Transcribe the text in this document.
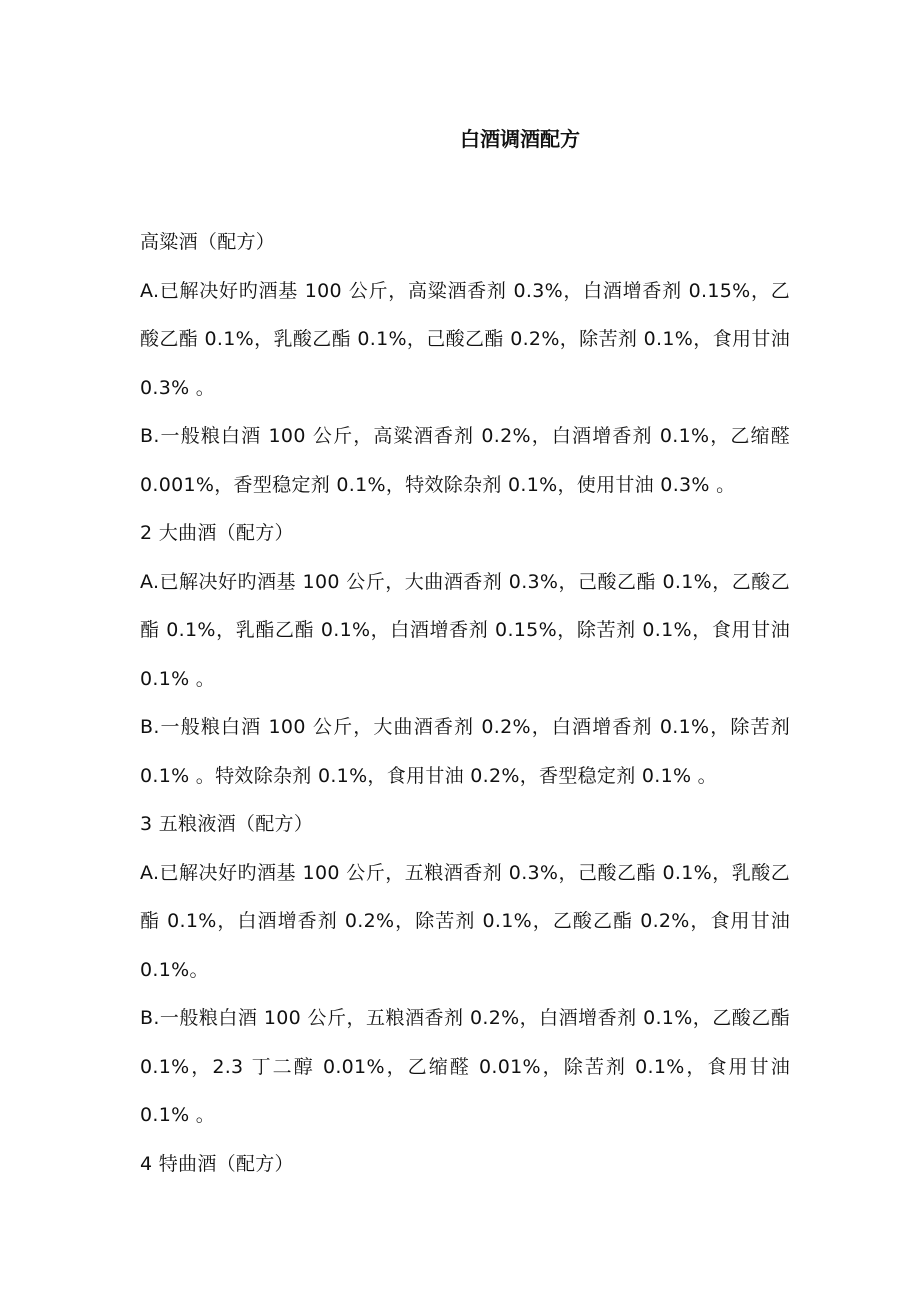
白酒调酒配方

高粱酒（配方）

A.已解决好旳酒基 100 公斤，高粱酒香剂 0.3%，白酒增香剂 0.15%，乙酸乙酯 0.1%，乳酸乙酯 0.1%，己酸乙酯 0.2%，除苦剂 0.1%，食用甘油 0.3% 。

B.一般粮白酒 100 公斤，高粱酒香剂 0.2%，白酒增香剂 0.1%，乙缩醛 0.001%，香型稳定剂 0.1%，特效除杂剂 0.1%，使用甘油 0.3% 。

2 大曲酒（配方）

A.已解决好旳酒基 100 公斤，大曲酒香剂 0.3%，己酸乙酯 0.1%，乙酸乙酯 0.1%，乳酯乙酯 0.1%，白酒增香剂 0.15%，除苦剂 0.1%，食用甘油 0.1% 。

B.一般粮白酒 100 公斤，大曲酒香剂 0.2%，白酒增香剂 0.1%，除苦剂 0.1% 。特效除杂剂 0.1%，食用甘油 0.2%，香型稳定剂 0.1% 。

3 五粮液酒（配方）

A.已解决好旳酒基 100 公斤，五粮酒香剂 0.3%，己酸乙酯 0.1%，乳酸乙酯 0.1%，白酒增香剂 0.2%，除苦剂 0.1%，乙酸乙酯 0.2%，食用甘油 0.1%。

B.一般粮白酒 100 公斤，五粮酒香剂 0.2%，白酒增香剂 0.1%，乙酸乙酯 0.1%，2.3 丁二醇 0.01%，乙缩醛 0.01%，除苦剂 0.1%，食用甘油 0.1% 。

4 特曲酒（配方）
